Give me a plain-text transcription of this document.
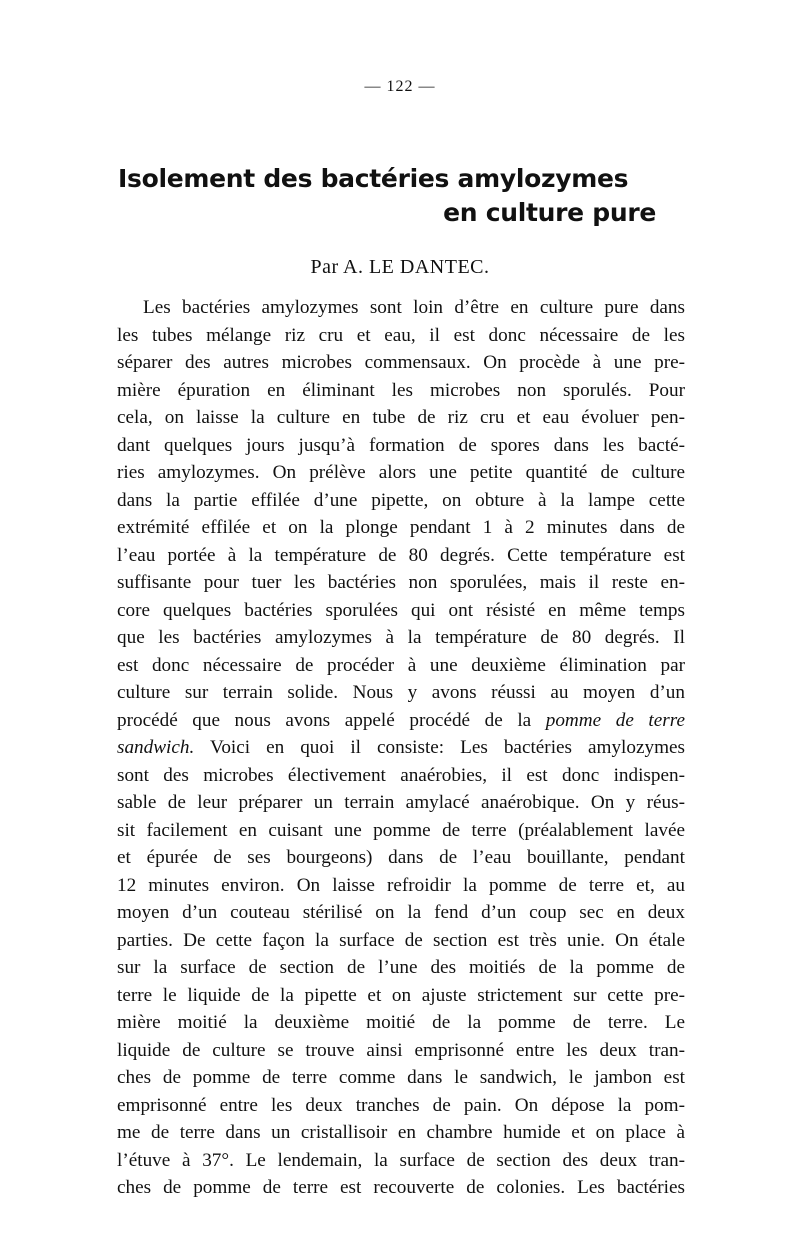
— 122 —
Isolement des bactéries amylozymes
en culture pure
Par A. LE DANTEC.
Les bactéries amylozymes sont loin d’être en culture pure dans
les tubes mélange riz cru et eau, il est donc nécessaire de les
séparer des autres microbes commensaux. On procède à une pre-
mière épuration en éliminant les microbes non sporulés. Pour
cela, on laisse la culture en tube de riz cru et eau évoluer pen-
dant quelques jours jusqu’à formation de spores dans les bacté-
ries amylozymes. On prélève alors une petite quantité de culture
dans la partie effilée d’une pipette, on obture à la lampe cette
extrémité effilée et on la plonge pendant 1 à 2 minutes dans de
l’eau portée à la température de 80 degrés. Cette température est
suffisante pour tuer les bactéries non sporulées, mais il reste en-
core quelques bactéries sporulées qui ont résisté en même temps
que les bactéries amylozymes à la température de 80 degrés. Il
est donc nécessaire de procéder à une deuxième élimination par
culture sur terrain solide. Nous y avons réussi au moyen d’un
procédé que nous avons appelé procédé de la pomme de terre
sandwich. Voici en quoi il consiste: Les bactéries amylozymes
sont des microbes électivement anaérobies, il est donc indispen-
sable de leur préparer un terrain amylacé anaérobique. On y réus-
sit facilement en cuisant une pomme de terre (préalablement lavée
et épurée de ses bourgeons) dans de l’eau bouillante, pendant
12 minutes environ. On laisse refroidir la pomme de terre et, au
moyen d’un couteau stérilisé on la fend d’un coup sec en deux
parties. De cette façon la surface de section est très unie. On étale
sur la surface de section de l’une des moitiés de la pomme de
terre le liquide de la pipette et on ajuste strictement sur cette pre-
mière moitié la deuxième moitié de la pomme de terre. Le
liquide de culture se trouve ainsi emprisonné entre les deux tran-
ches de pomme de terre comme dans le sandwich, le jambon est
emprisonné entre les deux tranches de pain. On dépose la pom-
me de terre dans un cristallisoir en chambre humide et on place à
l’étuve à 37°. Le lendemain, la surface de section des deux tran-
ches de pomme de terre est recouverte de colonies. Les bactéries
